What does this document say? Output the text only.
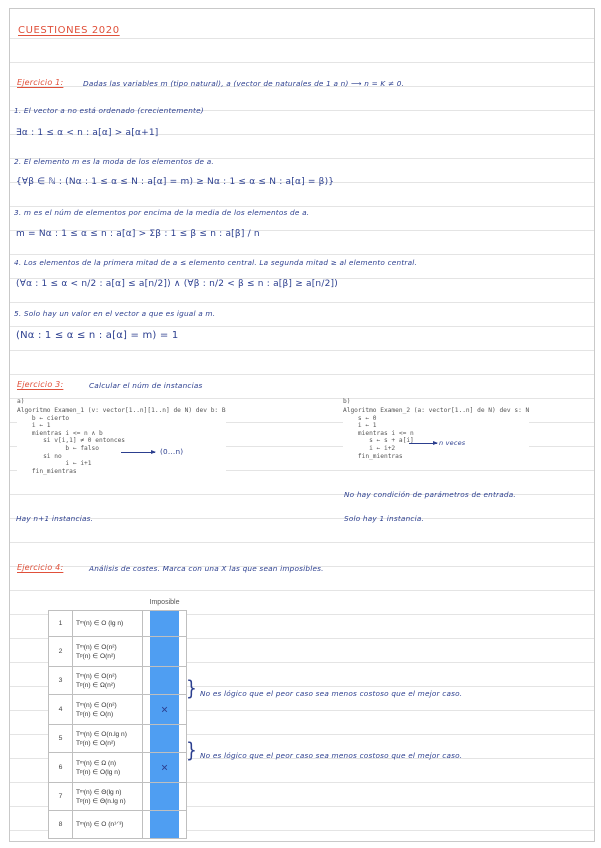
CUESTIONES 2020
Ejercicio 1:	Dadas las variables m (tipo natural), a (vector de naturales de 1 a n) ⟶ n = K ≠ 0.
1. El vector a no está ordenado (crecientemente)
∃α : 1 ≤ α < n : a[α] > a[α+1]
2. El elemento m es la moda de los elementos de a.
{∀β ∈ ℕ : (Nα : 1 ≤ α ≤ N : a[α] = m) ≥ Nα : 1 ≤ α ≤ N : a[α] = β)}
3. m es el núm de elementos por encima de la media de los elementos de a.
m = Nα : 1 ≤ α ≤ n : a[α] > Σβ : 1 ≤ β ≤ n : a[β] / n
4. Los elementos de la primera mitad de a ≤ elemento central. La segunda mitad ≥ al elemento central.
(∀α : 1 ≤ α < n/2 : a[α] ≤ a[n/2]) ∧ (∀β : n/2 < β ≤ n : a[β] ≥ a[n/2])
5. Solo hay un valor en el vector a que es igual a m.
(Nα : 1 ≤ α ≤ n : a[α] = m) = 1
Ejercicio 3:	Calcular el núm de instancias
a)
Algoritmo Examen_1 (v: vector[1..n][1..n] de N) dev b: B
b ← cierto
i ← 1
mientras i <= n ∧ b
si v[i,1] ≠ 0 entonces
b ← falso
si no
i ← i+1
fin_mientras
(0...n)
Hay n+1 instancias.
b)
Algoritmo Examen_2 (a: vector[1..n] de N) dev s: N
s ← 0
i ← 1
mientras i <= n
s ← s + a[i]
i ← i+2
fin_mientras
n veces
No hay condición de parámetros de entrada.
Solo hay 1 instancia.
Ejercicio 4:	Análisis de costes. Marca con una X las que sean imposibles.
		Imposible
1	Tᵐ(n) ∈ O (lg n)	

2	Tᵐ(n) ∈ O(n²)
Tᵖ(n) ∈ O(n²)	

3	Tᵐ(n) ∈ O(n²)
Tᵖ(n) ∈ Ω(n²)	

4	Tᵐ(n) ∈ O(n²)
Tᵖ(n) ∈ O(n)	×

5	Tᵐ(n) ∈ O(n.lg n)
Tᵖ(n) ∈ O(n²)	

6	Tᵐ(n) ∈ Ω (n)
Tᵖ(n) ∈ O(lg n)	×

7	Tᵐ(n) ∈ Θ(lg n)
Tᵖ(n) ∈ Θ(n.lg n)	

8	Tᵐ(n) ∈ O (n¹ᐟ³)	

} No es lógico que el peor caso sea menos costoso que el mejor caso.
} No es lógico que el peor caso sea menos costoso que el mejor caso.
